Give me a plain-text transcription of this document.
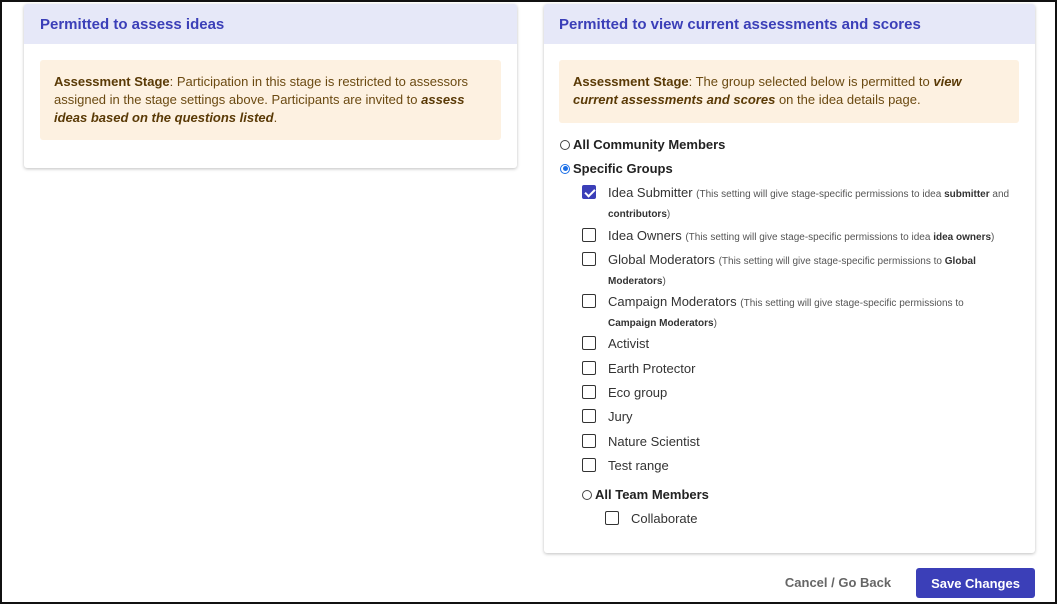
Permitted to assess ideas
Assessment Stage: Participation in this stage is restricted to assessors assigned in the stage settings above. Participants are invited to assess ideas based on the questions listed.
Permitted to view current assessments and scores
Assessment Stage: The group selected below is permitted to view current assessments and scores on the idea details page.
All Community Members
Specific Groups
Idea Submitter (This setting will give stage-specific permissions to idea submitter and contributors)
Idea Owners (This setting will give stage-specific permissions to idea idea owners)
Global Moderators (This setting will give stage-specific permissions to Global Moderators)
Campaign Moderators (This setting will give stage-specific permissions to Campaign Moderators)
Activist
Earth Protector
Eco group
Jury
Nature Scientist
Test range
All Team Members
Collaborate
Cancel / Go Back	Save Changes
